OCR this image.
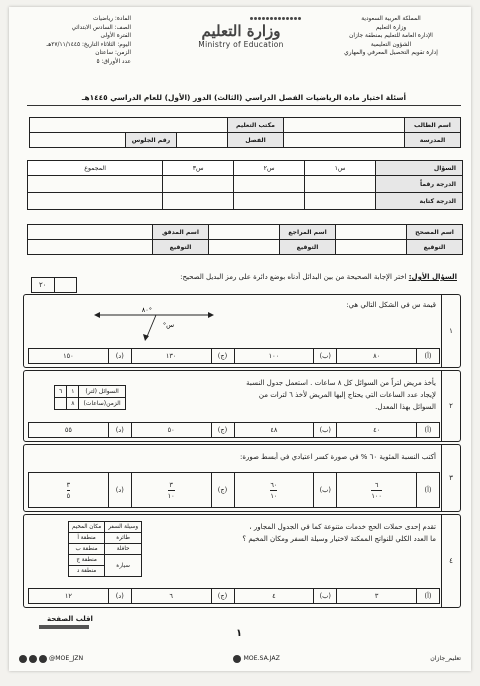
المملكة العربية السعودية
وزارة التعليم
الإدارة العامة للتعليم بمنطقة جازان
الشؤون التعليمية
إدارة تقويم التحصيل المعرفي والمهاري
وزارة التعليم
Ministry of Education
المادة: رياضيات
الصف: السادس الابتدائي
الفترة الأولى
اليوم: الثلاثاء التاريخ: ٢٧/١١/١٤٤٥هـ
الزمن: ساعتان
عدد الأوراق: ٥
أسئلة اختبار مادة الرياضيات الفصل الدراسي (الثالث) الدور (الأول) للعام الدراسي ١٤٤٥هـ
اسم الطالب		مكتب التعليم			
المدرسة		الفصل		رقم الجلوس	
السؤال	س١	س٢	س٣	المجموع
الدرجة رقماً				
الدرجة كتابة				
اسم المصحح		اسم المراجع		اسم المدقق	
التوقيع		التوقيع		التوقيع	
السؤال الأول: اختر الإجابة الصحيحة من بين البدائل أدناه بوضع دائرة على رمز البديل الصحيح:
٢٠
١
قيمة س في الشكل التالي هي:
°٨٠
س°
(أ)
٨٠
(ب)
١٠٠
(ج)
١٣٠
(د)
١٥٠
٢
يأخذ مريض لتراً من السوائل كل ٨ ساعات . استعمل جدول النسبة
لإيجاد عدد الساعات التي يحتاج إليها المريض لأخذ ٦ لترات من
السوائل بهذا المعدل.
السوائل (لتر)	١	٦
الزمن(ساعات)	٨	
(أ)
٤٠
(ب)
٤٨
(ج)
٥٠
(د)
٥٥
٣
أكتب النسبة المئوية ٦٠ % في صورة كسر اعتيادي في أبسط صورة:
(أ)
$\frac{٦}{١٠٠}$
(ب)
$\frac{٦٠}{١٠}$
(ج)
$\frac{٣}{١٠}$
(د)
$\frac{٣}{٥}$
٤
تقدم إحدى حملات الحج خدمات متنوعة كما في الجدول المجاور ،
ما العدد الكلي للنواتج الممكنة لاختيار وسيلة السفر ومكان المخيم ؟
وسيلة السفر	مكان المخيم
طائرة	منطقة أ
حافلة	منطقة ب
سيارة	منطقة ج
	منطقة د
(أ)
٣
(ب)
٤
(ج)
٦
(د)
١٢
اقلب الصفحة
١
@MOE_JZN	MOE.SA.JAZ	تعليم_جازان
